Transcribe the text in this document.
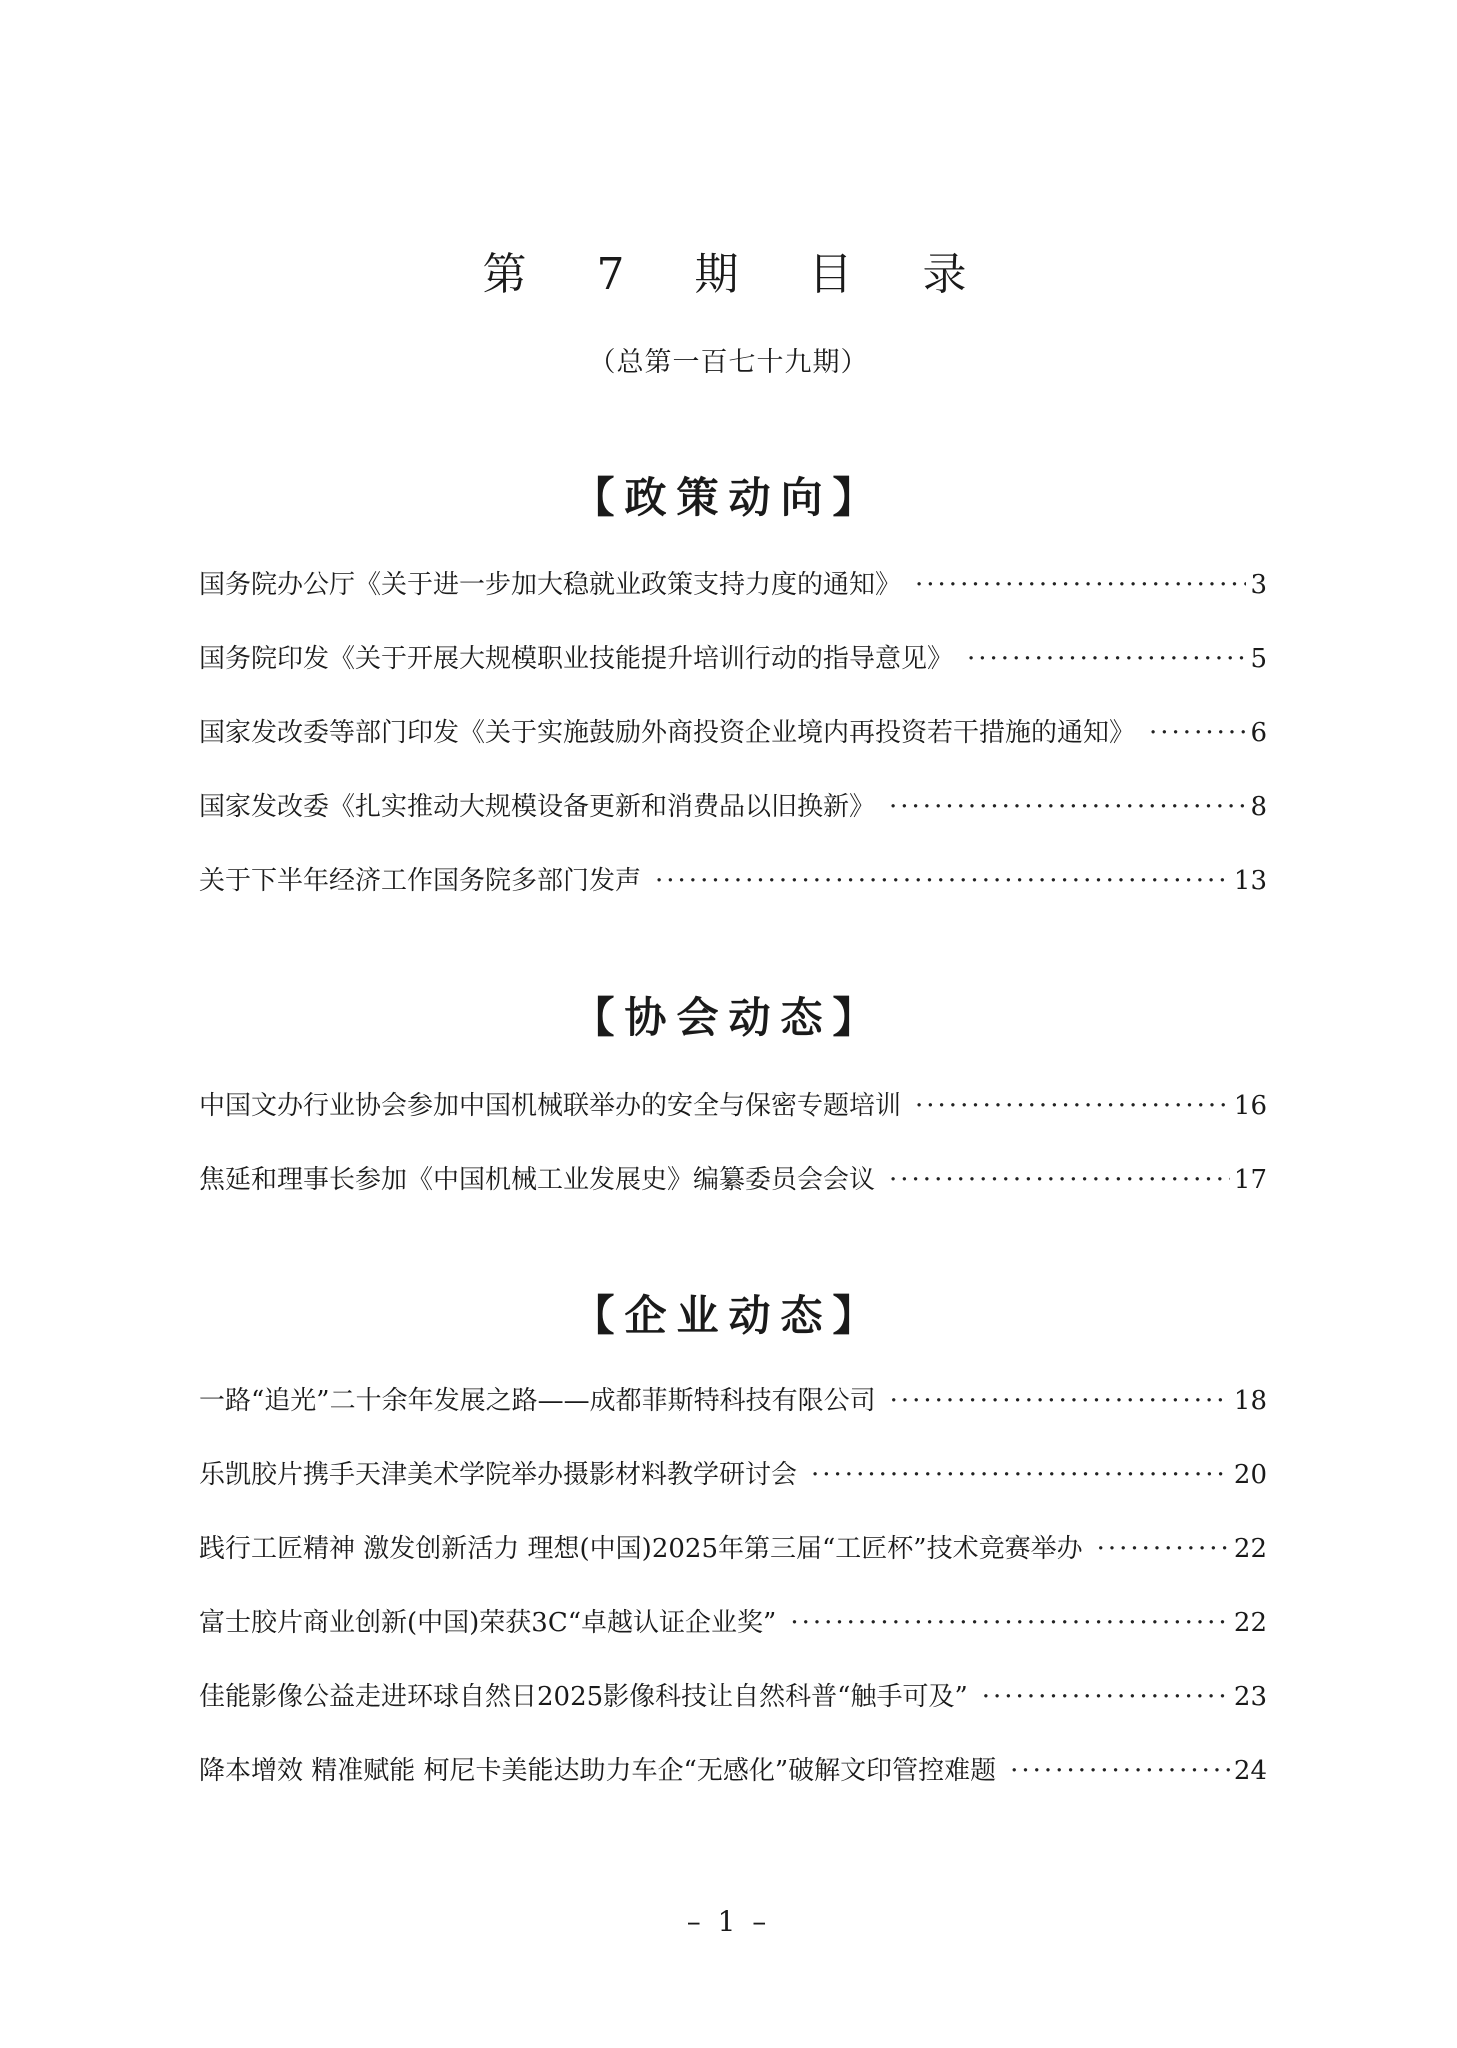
第 7 期 目 录
（总第一百七十九期）
【政策动向】
国务院办公厅《关于进一步加大稳就业政策支持力度的通知》 ·····	3
国务院印发《关于开展大规模职业技能提升培训行动的指导意见》 ·····	5
国家发改委等部门印发《关于实施鼓励外商投资企业境内再投资若干措施的通知》 ·····	6
国家发改委《扎实推动大规模设备更新和消费品以旧换新》 ·····	8
关于下半年经济工作国务院多部门发声 ·····	13
【协会动态】
中国文办行业协会参加中国机械联举办的安全与保密专题培训 ·····	16
焦延和理事长参加《中国机械工业发展史》编纂委员会会议 ·····	17
【企业动态】
一路“追光”二十余年发展之路——成都菲斯特科技有限公司 ·····	18
乐凯胶片携手天津美术学院举办摄影材料教学研讨会 ·····	20
践行工匠精神 激发创新活力 理想(中国)2025年第三届“工匠杯”技术竞赛举办 ·····	22
富士胶片商业创新(中国)荣获3C“卓越认证企业奖” ·····	22
佳能影像公益走进环球自然日2025影像科技让自然科普“触手可及” ·····	23
降本增效 精准赋能 柯尼卡美能达助力车企“无感化”破解文印管控难题 ·····	24
– 1 –
